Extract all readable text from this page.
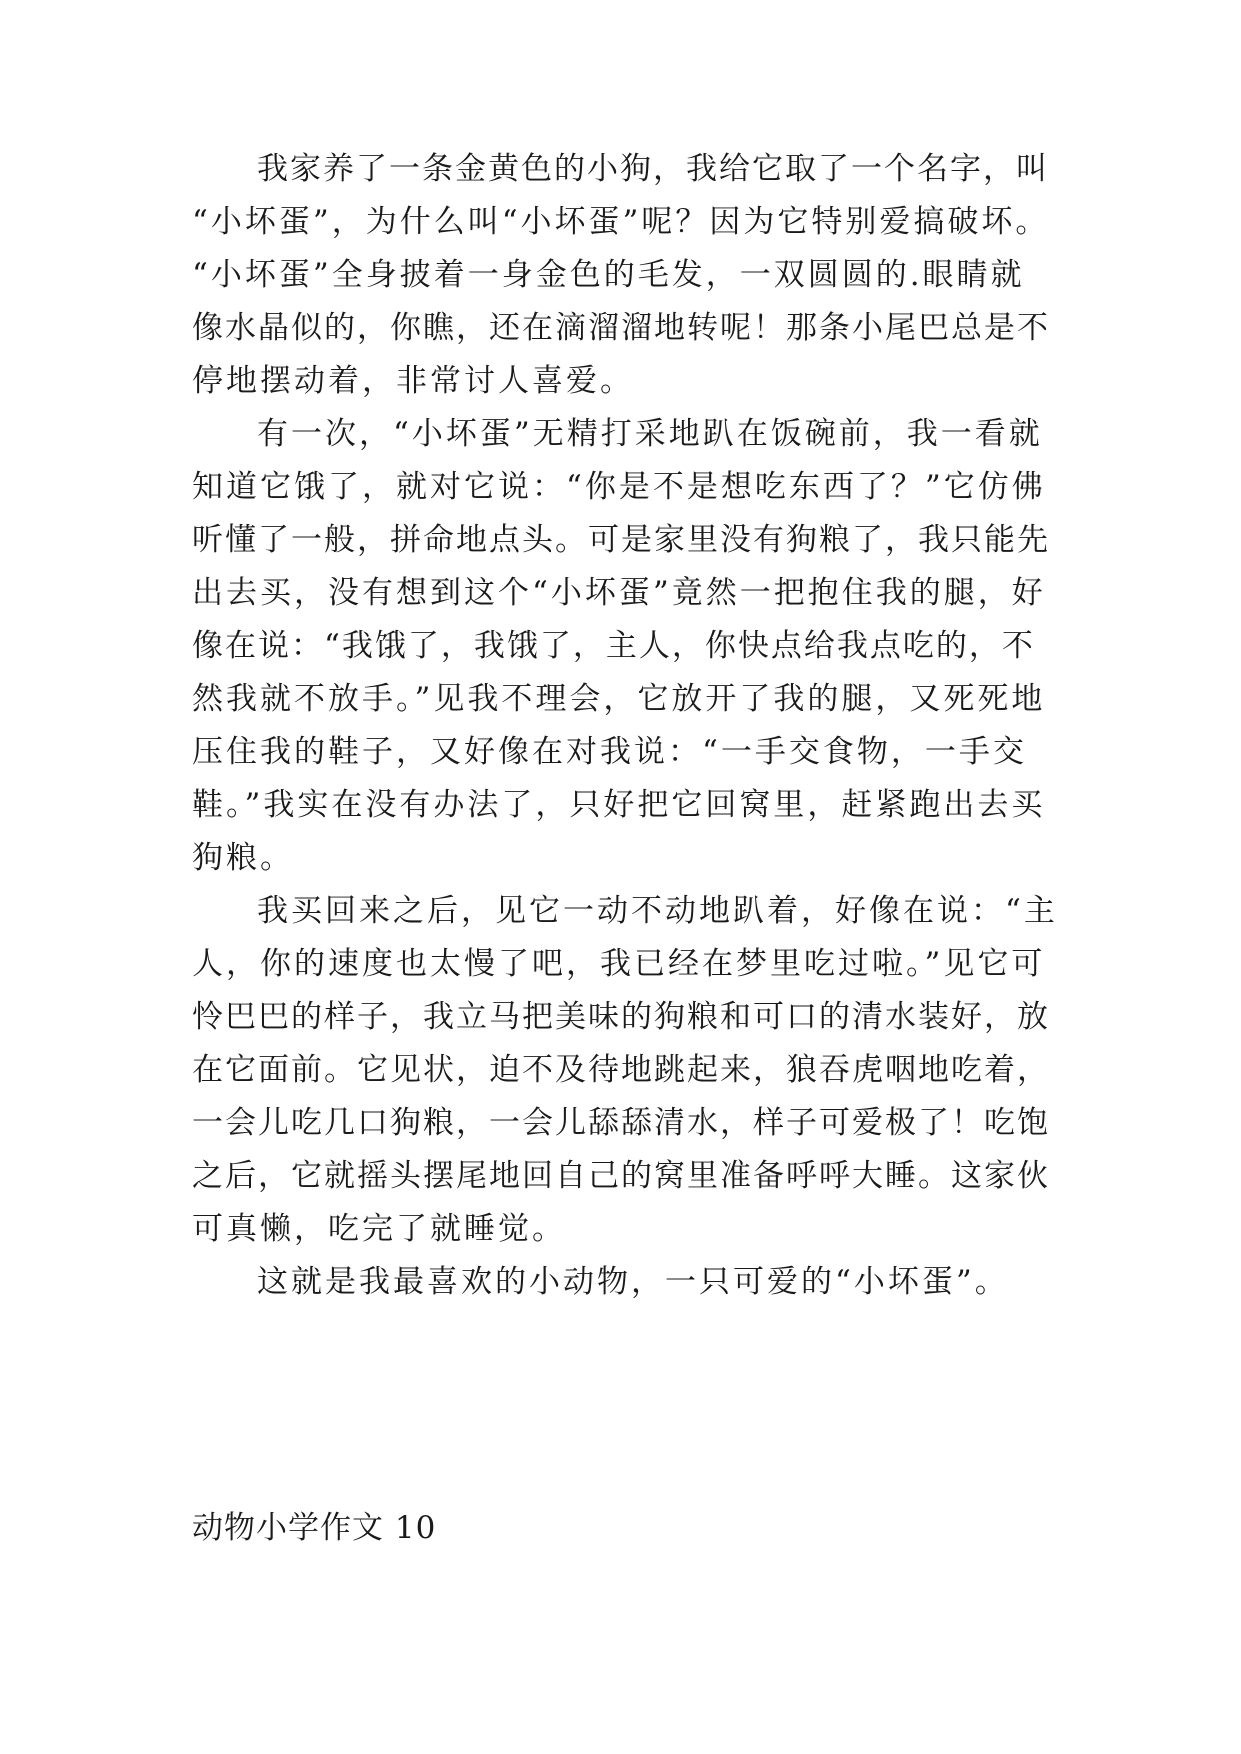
我家养了一条金黄色的小狗，我给它取了一个名字，叫
“小坏蛋”，为什么叫“小坏蛋”呢？因为它特别爱搞破坏。
“小坏蛋”全身披着一身金色的毛发，一双圆圆的.眼睛就
像水晶似的，你瞧，还在滴溜溜地转呢！那条小尾巴总是不
停地摆动着，非常讨人喜爱。
有一次，“小坏蛋”无精打采地趴在饭碗前，我一看就
知道它饿了，就对它说：“你是不是想吃东西了？”它仿佛
听懂了一般，拼命地点头。可是家里没有狗粮了，我只能先
出去买，没有想到这个“小坏蛋”竟然一把抱住我的腿，好
像在说：“我饿了，我饿了，主人，你快点给我点吃的，不
然我就不放手。”见我不理会，它放开了我的腿，又死死地
压住我的鞋子，又好像在对我说：“一手交食物，一手交
鞋。”我实在没有办法了，只好把它回窝里，赶紧跑出去买
狗粮。
我买回来之后，见它一动不动地趴着，好像在说：“主
人，你的速度也太慢了吧，我已经在梦里吃过啦。”见它可
怜巴巴的样子，我立马把美味的狗粮和可口的清水装好，放
在它面前。它见状，迫不及待地跳起来，狼吞虎咽地吃着，
一会儿吃几口狗粮，一会儿舔舔清水，样子可爱极了！吃饱
之后，它就摇头摆尾地回自己的窝里准备呼呼大睡。这家伙
可真懒，吃完了就睡觉。
这就是我最喜欢的小动物，一只可爱的“小坏蛋”。
动物小学作文 10
